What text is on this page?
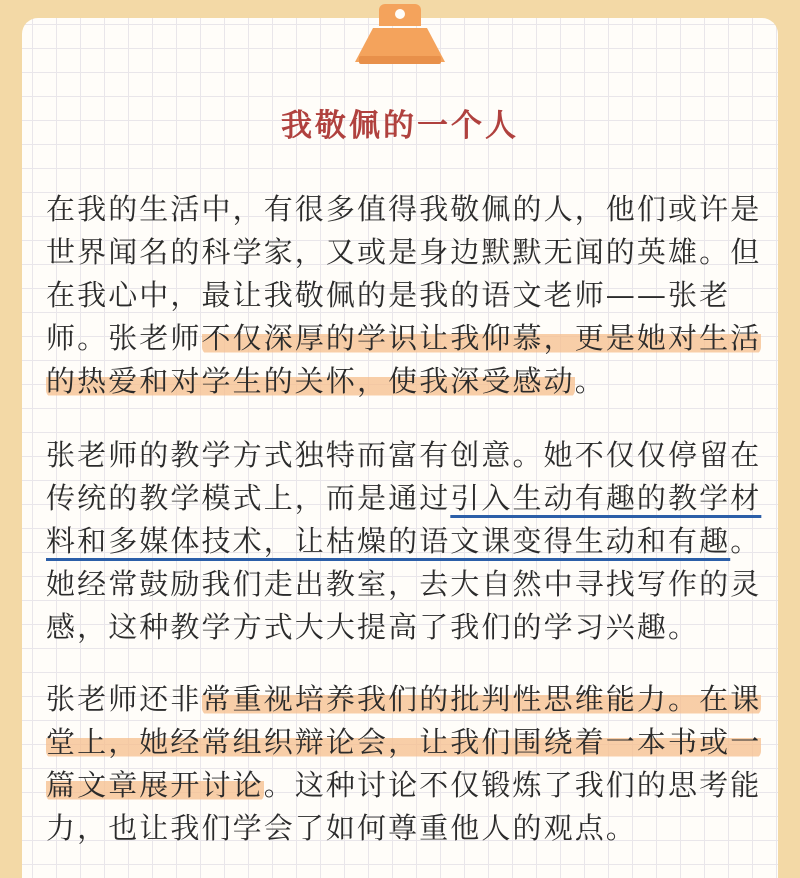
我敬佩的一个人

在我的生活中，有很多值得我敬佩的人，他们或许是世界闻名的科学家，又或是身边默默无闻的英雄。但在我心中，最让我敬佩的是我的语文老师——张老师。张老师不仅深厚的学识让我仰慕，更是她对生活的热爱和对学生的关怀，使我深受感动。

张老师的教学方式独特而富有创意。她不仅仅停留在传统的教学模式上，而是通过引入生动有趣的教学材料和多媒体技术，让枯燥的语文课变得生动和有趣。她经常鼓励我们走出教室，去大自然中寻找写作的灵感，这种教学方式大大提高了我们的学习兴趣。

张老师还非常重视培养我们的批判性思维能力。在课堂上，她经常组织辩论会，让我们围绕着一本书或一篇文章展开讨论。这种讨论不仅锻炼了我们的思考能力，也让我们学会了如何尊重他人的观点。
